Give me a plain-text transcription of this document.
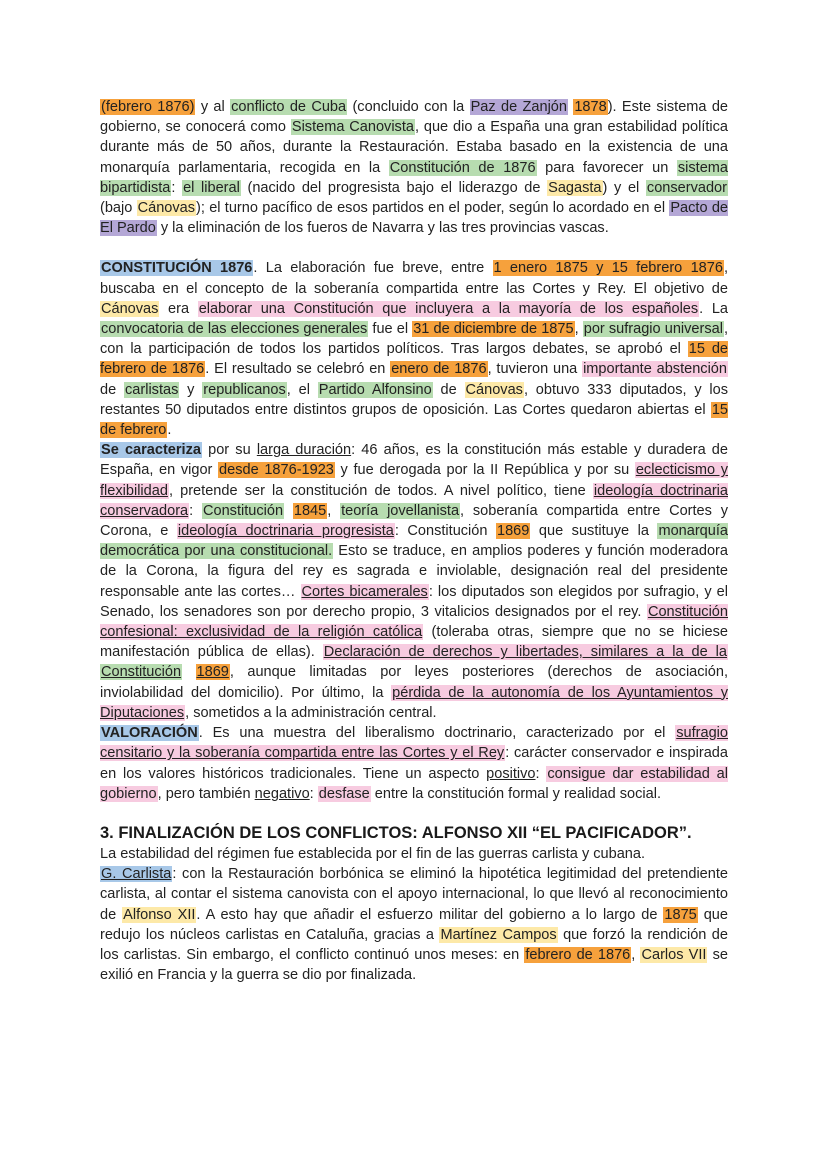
(febrero 1876) y al conflicto de Cuba (concluido con la Paz de Zanjón 1878). Este sistema de gobierno, se conocerá como Sistema Canovista, que dio a España una gran estabilidad política durante más de 50 años, durante la Restauración. Estaba basado en la existencia de una monarquía parlamentaria, recogida en la Constitución de 1876 para favorecer un sistema bipartidista: el liberal (nacido del progresista bajo el liderazgo de Sagasta) y el conservador (bajo Cánovas); el turno pacífico de esos partidos en el poder, según lo acordado en el Pacto de El Pardo y la eliminación de los fueros de Navarra y las tres provincias vascas.

CONSTITUCIÓN 1876. La elaboración fue breve, entre 1 enero 1875 y 15 febrero 1876, buscaba en el concepto de la soberanía compartida entre las Cortes y Rey. El objetivo de Cánovas era elaborar una Constitución que incluyera a la mayoría de los españoles. La convocatoria de las elecciones generales fue el 31 de diciembre de 1875, por sufragio universal, con la participación de todos los partidos políticos. Tras largos debates, se aprobó el 15 de febrero de 1876. El resultado se celebró en enero de 1876, tuvieron una importante abstención de carlistas y republicanos, el Partido Alfonsino de Cánovas, obtuvo 333 diputados, y los restantes 50 diputados entre distintos grupos de oposición. Las Cortes quedaron abiertas el 15 de febrero.

Se caracteriza por su larga duración: 46 años, es la constitución más estable y duradera de España, en vigor desde 1876-1923 y fue derogada por la II República y por su eclecticismo y flexibilidad, pretende ser la constitución de todos. A nivel político, tiene ideología doctrinaria conservadora: Constitución 1845, teoría jovellanista, soberanía compartida entre Cortes y Corona, e ideología doctrinaria progresista: Constitución 1869 que sustituye la monarquía democrática por una constitucional. Esto se traduce, en amplios poderes y función moderadora de la Corona, la figura del rey es sagrada e inviolable, designación real del presidente responsable ante las cortes… Cortes bicamerales: los diputados son elegidos por sufragio, y el Senado, los senadores son por derecho propio, 3 vitalicios designados por el rey. Constitución confesional: exclusividad de la religión católica (toleraba otras, siempre que no se hiciese manifestación pública de ellas). Declaración de derechos y libertades, similares a la de la Constitución 1869, aunque limitadas por leyes posteriores (derechos de asociación, inviolabilidad del domicilio). Por último, la pérdida de la autonomía de los Ayuntamientos y Diputaciones, sometidos a la administración central.

VALORACIÓN. Es una muestra del liberalismo doctrinario, caracterizado por el sufragio censitario y la soberanía compartida entre las Cortes y el Rey: carácter conservador e inspirada en los valores históricos tradicionales. Tiene un aspecto positivo: consigue dar estabilidad al gobierno, pero también negativo: desfase entre la constitución formal y realidad social.

3. FINALIZACIÓN DE LOS CONFLICTOS: ALFONSO XII “EL PACIFICADOR”.

La estabilidad del régimen fue establecida por el fin de las guerras carlista y cubana.

G. Carlista: con la Restauración borbónica se eliminó la hipotética legitimidad del pretendiente carlista, al contar el sistema canovista con el apoyo internacional, lo que llevó al reconocimiento de Alfonso XII. A esto hay que añadir el esfuerzo militar del gobierno a lo largo de 1875 que redujo los núcleos carlistas en Cataluña, gracias a Martínez Campos que forzó la rendición de los carlistas. Sin embargo, el conflicto continuó unos meses: en febrero de 1876, Carlos VII se exilió en Francia y la guerra se dio por finalizada.
